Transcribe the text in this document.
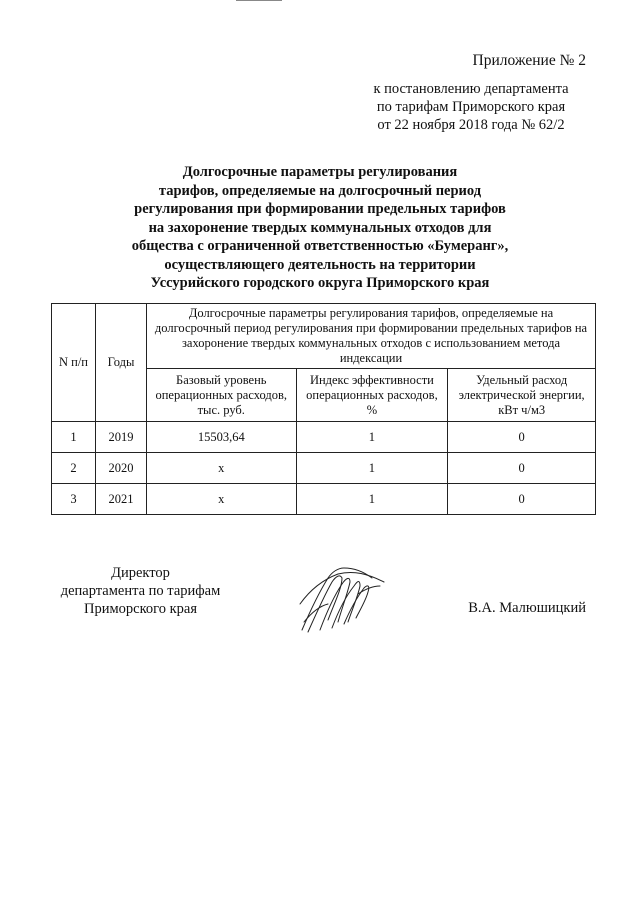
Приложение № 2
к постановлению департамента
по тарифам Приморского края
от 22 ноября 2018 года № 62/2
Долгосрочные параметры регулирования
тарифов, определяемые на долгосрочный период
регулирования при формировании предельных тарифов
на захоронение твердых коммунальных отходов для
общества с ограниченной ответственностью «Бумеранг»,
осуществляющего деятельность на территории
Уссурийского городского округа Приморского края
N п/п	Годы	Долгосрочные параметры регулирования тарифов, определяемые на долгосрочный период регулирования при формировании предельных тарифов на захоронение твердых коммунальных отходов с использованием метода индексации		
		Базовый уровень операционных расходов, тыс. руб.	Индекс эффективности операционных расходов, %	Удельный расход электрической энергии, кВт ч/м3
1	2019	15503,64	1	0
2	2020	х	1	0
3	2021	х	1	0
Директор
департамента по тарифам
Приморского края	В.А. Малюшицкий
